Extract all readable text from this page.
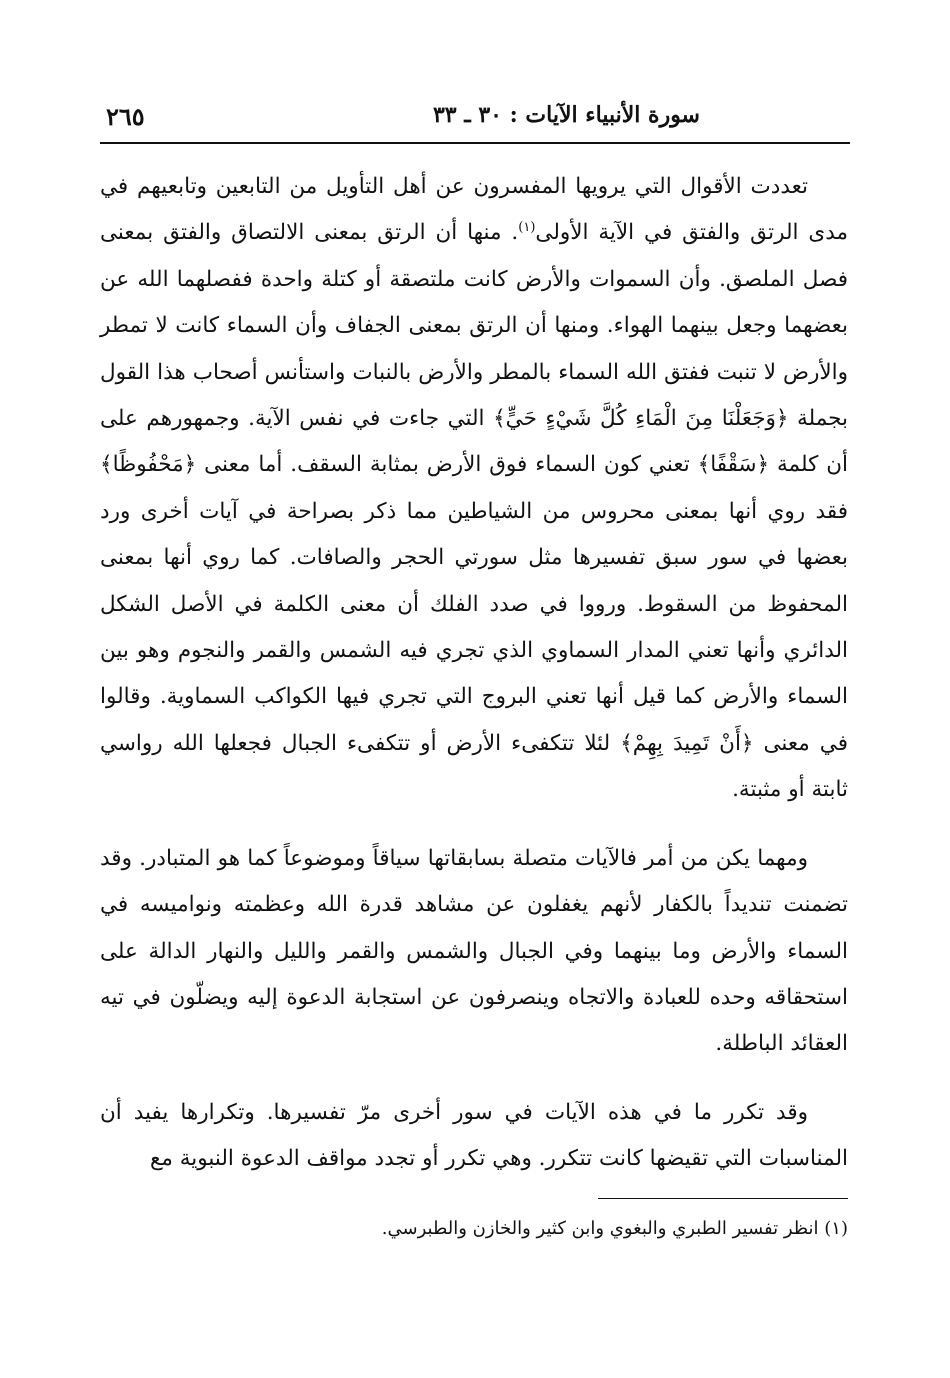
سورة الأنبياء الآيات : ٣٠ ـ ٣٣
٢٦٥

تعددت الأقوال التي يرويها المفسرون عن أهل التأويل من التابعين وتابعيهم في مدى الرتق والفتق في الآية الأولى$^{(١)}$. منها أن الرتق بمعنى الالتصاق والفتق بمعنى فصل الملصق. وأن السموات والأرض كانت ملتصقة أو كتلة واحدة ففصلهما الله عن بعضهما وجعل بينهما الهواء. ومنها أن الرتق بمعنى الجفاف وأن السماء كانت لا تمطر والأرض لا تنبت ففتق الله السماء بالمطر والأرض بالنبات واستأنس أصحاب هذا القول بجملة ﴿وَجَعَلْنَا مِنَ الْمَاءِ كُلَّ شَيْءٍ حَيٍّ﴾ التي جاءت في نفس الآية. وجمهورهم على أن كلمة ﴿سَقْفًا﴾ تعني كون السماء فوق الأرض بمثابة السقف. أما معنى ﴿مَحْفُوظًا﴾ فقد روي أنها بمعنى محروس من الشياطين مما ذكر بصراحة في آيات أخرى ورد بعضها في سور سبق تفسيرها مثل سورتي الحجر والصافات. كما روي أنها بمعنى المحفوظ من السقوط. ورووا في صدد الفلك أن معنى الكلمة في الأصل الشكل الدائري وأنها تعني المدار السماوي الذي تجري فيه الشمس والقمر والنجوم وهو بين السماء والأرض كما قيل أنها تعني البروج التي تجري فيها الكواكب السماوية. وقالوا في معنى ﴿أَنْ تَمِيدَ بِهِمْ﴾ لئلا تتكفىء الأرض أو تتكفىء الجبال فجعلها الله رواسي ثابتة أو مثبتة.

ومهما يكن من أمر فالآيات متصلة بسابقاتها سياقاً وموضوعاً كما هو المتبادر. وقد تضمنت تنديداً بالكفار لأنهم يغفلون عن مشاهد قدرة الله وعظمته ونواميسه في السماء والأرض وما بينهما وفي الجبال والشمس والقمر والليل والنهار الدالة على استحقاقه وحده للعبادة والاتجاه وينصرفون عن استجابة الدعوة إليه ويضلّون في تيه العقائد الباطلة.

وقد تكرر ما في هذه الآيات في سور أخرى مرّ تفسيرها. وتكرارها يفيد أن المناسبات التي تقيضها كانت تتكرر. وهي تكرر أو تجدد مواقف الدعوة النبوية مع

(١) انظر تفسير الطبري والبغوي وابن كثير والخازن والطبرسي.
